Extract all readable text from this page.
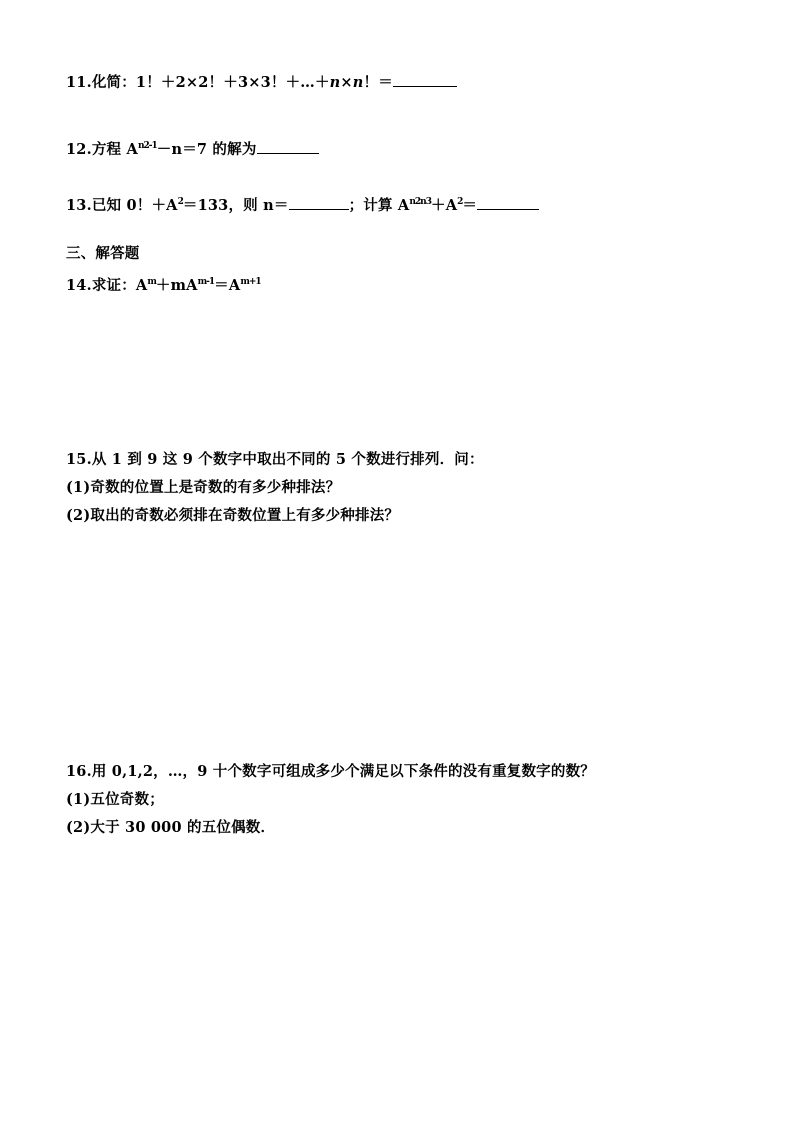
11.化简：1！＋2×2！＋3×3！＋…＋n×n！＝
12.方程 $A^{n2-1}-n=7$ 的解为
13.已知 0！$+A^2=133$，则 n＝	；计算 $A^{n2n3}+A^2=$
三、解答题
14.求证：$A^m+mA^{m-1}=A^{m+1}$
15.从 1 到 9 这 9 个数字中取出不同的 5 个数进行排列．问：
(1)奇数的位置上是奇数的有多少种排法？
(2)取出的奇数必须排在奇数位置上有多少种排法？
16.用 0,1,2，…，9 十个数字可组成多少个满足以下条件的没有重复数字的数？
(1)五位奇数；
(2)大于 30 000 的五位偶数．
